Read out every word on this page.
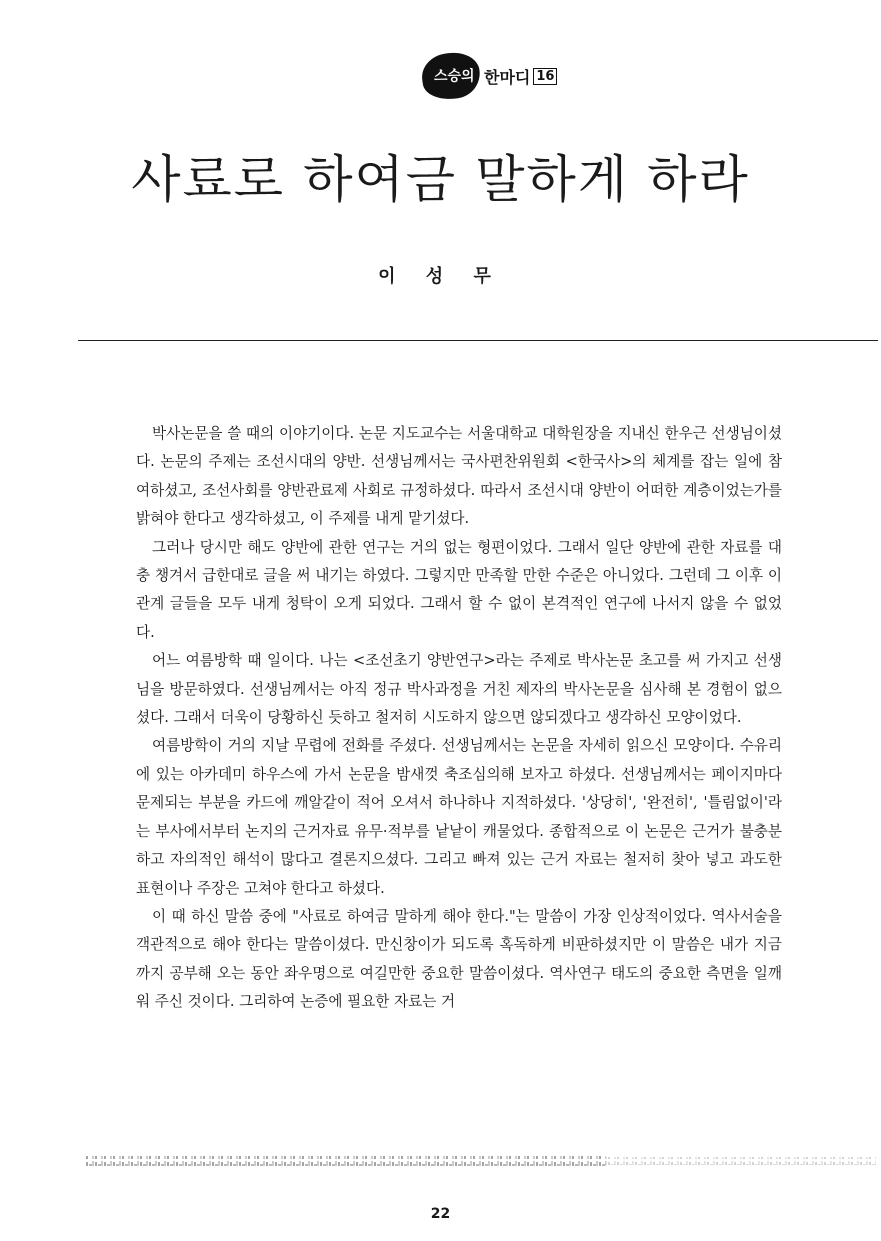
스승의 한마디 16
사료로 하여금 말하게 하라
이 성 무

박사논문을 쓸 때의 이야기이다. 논문 지도교수는 서울대학교 대학원장을 지내신 한우근 선생님이셨다. 논문의 주제는 조선시대의 양반. 선생님께서는 국사편찬위원회 <한국사>의 체계를 잡는 일에 참여하셨고, 조선사회를 양반관료제 사회로 규정하셨다. 따라서 조선시대 양반이 어떠한 계층이었는가를 밝혀야 한다고 생각하셨고, 이 주제를 내게 맡기셨다.

그러나 당시만 해도 양반에 관한 연구는 거의 없는 형편이었다. 그래서 일단 양반에 관한 자료를 대충 챙겨서 급한대로 글을 써 내기는 하였다. 그렇지만 만족할 만한 수준은 아니었다. 그런데 그 이후 이 관계 글들을 모두 내게 청탁이 오게 되었다. 그래서 할 수 없이 본격적인 연구에 나서지 않을 수 없었다.

어느 여름방학 때 일이다. 나는 <조선초기 양반연구>라는 주제로 박사논문 초고를 써 가지고 선생님을 방문하였다. 선생님께서는 아직 정규 박사과정을 거친 제자의 박사논문을 심사해 본 경험이 없으셨다. 그래서 더욱이 당황하신 듯하고 철저히 시도하지 않으면 않되겠다고 생각하신 모양이었다.

여름방학이 거의 지날 무렵에 전화를 주셨다. 선생님께서는 논문을 자세히 읽으신 모양이다. 수유리에 있는 아카데미 하우스에 가서 논문을 밤새껏 축조심의해 보자고 하셨다. 선생님께서는 페이지마다 문제되는 부분을 카드에 깨알같이 적어 오셔서 하나하나 지적하셨다. '상당히', '완전히', '틀림없이'라는 부사에서부터 논지의 근거자료 유무·적부를 낱낱이 캐물었다. 종합적으로 이 논문은 근거가 불충분하고 자의적인 해석이 많다고 결론지으셨다. 그리고 빠져 있는 근거 자료는 철저히 찾아 넣고 과도한 표현이나 주장은 고쳐야 한다고 하셨다.

이 때 하신 말씀 중에 "사료로 하여금 말하게 해야 한다."는 말씀이 가장 인상적이었다. 역사서술을 객관적으로 해야 한다는 말씀이셨다. 만신창이가 되도록 혹독하게 비판하셨지만 이 말씀은 내가 지금까지 공부해 오는 동안 좌우명으로 여길만한 중요한 말씀이셨다. 역사연구 태도의 중요한 측면을 일깨워 주신 것이다. 그리하여 논증에 필요한 자료는 거

22
